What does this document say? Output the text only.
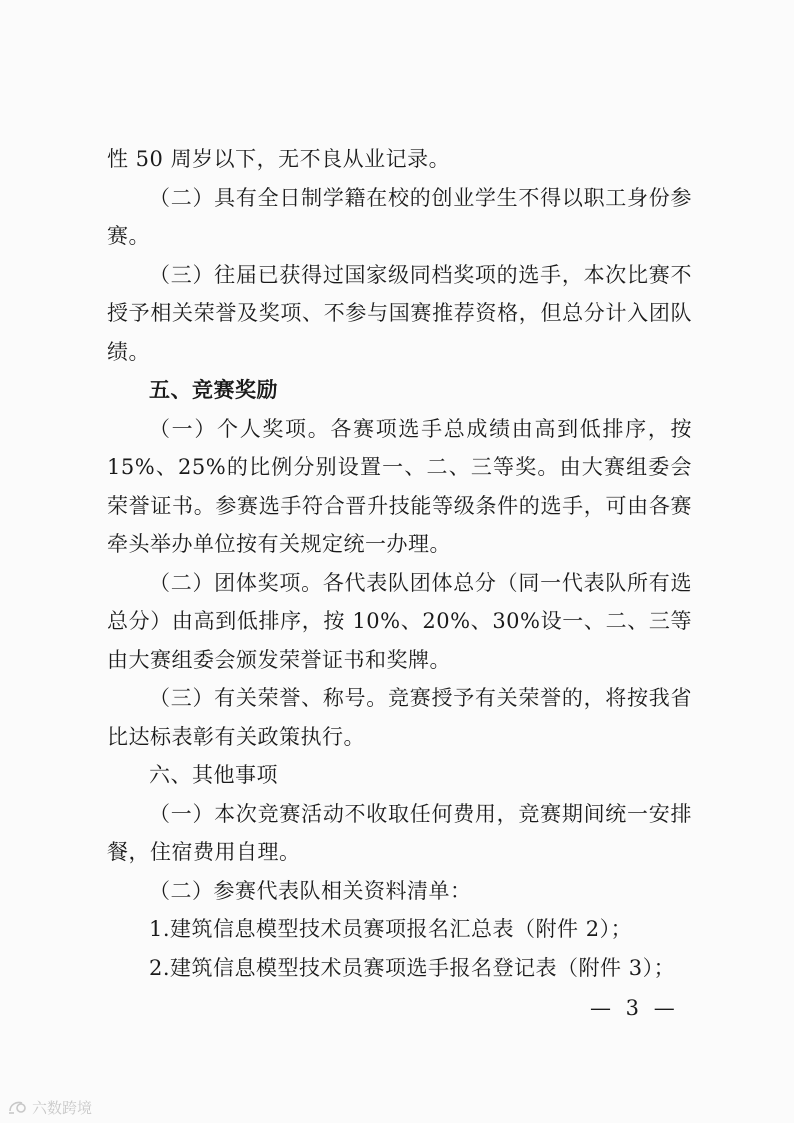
性 50 周岁以下，无不良从业记录。
（二）具有全日制学籍在校的创业学生不得以职工身份参
赛。
（三）往届已获得过国家级同档奖项的选手，本次比赛不
授予相关荣誉及奖项、不参与国赛推荐资格，但总分计入团队
绩。
五、竞赛奖励
（一）个人奖项。各赛项选手总成绩由高到低排序，按
15%、25%的比例分别设置一、二、三等奖。由大赛组委会
荣誉证书。参赛选手符合晋升技能等级条件的选手，可由各赛
牵头举办单位按有关规定统一办理。
（二）团体奖项。各代表队团体总分（同一代表队所有选
总分）由高到低排序，按 10%、20%、30%设一、二、三等
由大赛组委会颁发荣誉证书和奖牌。
（三）有关荣誉、称号。竞赛授予有关荣誉的，将按我省
比达标表彰有关政策执行。
六、其他事项
（一）本次竞赛活动不收取任何费用，竞赛期间统一安排
餐，住宿费用自理。
（二）参赛代表队相关资料清单：
1.建筑信息模型技术员赛项报名汇总表（附件 2）；
2.建筑信息模型技术员赛项选手报名登记表（附件 3）；
— 3 —
六数跨境
